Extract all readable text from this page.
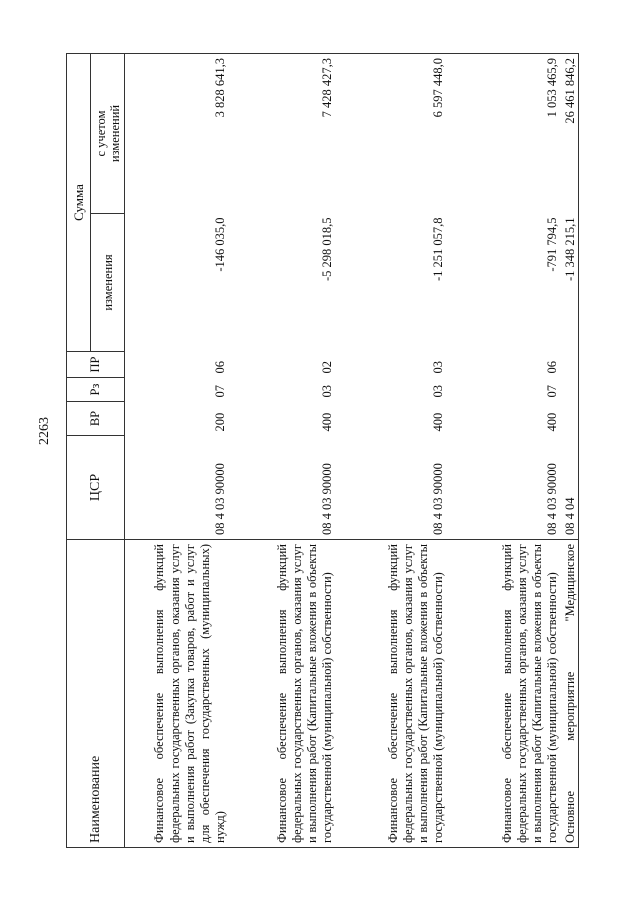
2263
Наименование	ЦСР	ВР	Рз	ПР	Сумма	
					изменения	с учетом изменений
Финансовое обеспечение выполнения функций федеральных государственных органов, оказания услуг и выполнения работ (Закупка товаров, работ и услуг для обеспечения государственных (муниципальных) нужд)	08 4 03 90000	200	07	06	-146 035,0	3 828 641,3
Финансовое обеспечение выполнения функций федеральных государственных органов, оказания услуг и выполнения работ (Капитальные вложения в объекты государственной (муниципальной) собственности)	08 4 03 90000	400	03	02	-5 298 018,5	7 428 427,3
Финансовое обеспечение выполнения функций федеральных государственных органов, оказания услуг и выполнения работ (Капитальные вложения в объекты государственной (муниципальной) собственности)	08 4 03 90000	400	03	03	-1 251 057,8	6 597 448,0
Финансовое обеспечение выполнения функций федеральных государственных органов, оказания услуг и выполнения работ (Капитальные вложения в объекты государственной (муниципальной) собственности)	08 4 03 90000	400	07	06	-791 794,5	1 053 465,9
Основное мероприятие "Медицинское	08 4 04				-1 348 215,1	26 461 846,2
